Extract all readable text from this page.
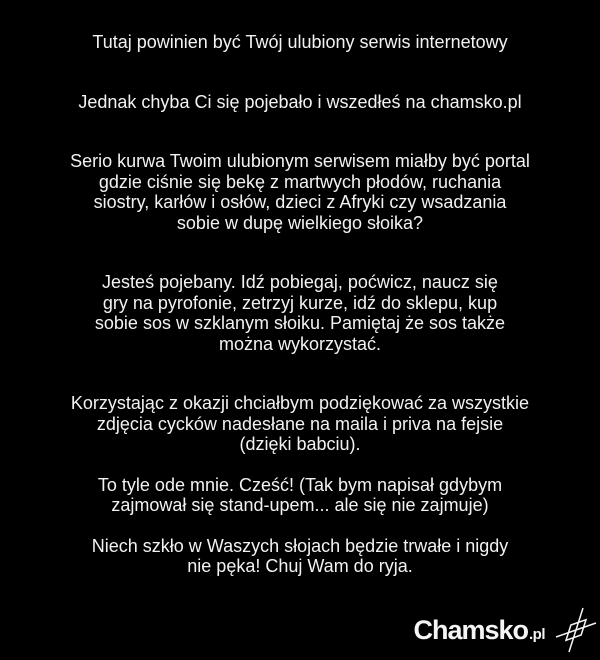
Tutaj powinien być Twój ulubiony serwis internetowy
Jednak chyba Ci się pojebało i wszedłeś na chamsko.pl
Serio kurwa Twoim ulubionym serwisem miałby być portal
gdzie ciśnie się bekę z martwych płodów, ruchania
siostry, karłów i osłów, dzieci z Afryki czy wsadzania
sobie w dupę wielkiego słoika?
Jesteś pojebany. Idź pobiegaj, poćwicz, naucz się
gry na pyrofonie, zetrzyj kurze, idź do sklepu, kup
sobie sos w szklanym słoiku. Pamiętaj że sos także
można wykorzystać.
Korzystając z okazji chciałbym podziękować za wszystkie
zdjęcia cycków nadesłane na maila i priva na fejsie
(dzięki babciu).
To tyle ode mnie. Cześć! (Tak bym napisał gdybym
zajmował się stand-upem... ale się nie zajmuje)
Niech szkło w Waszych słojach będzie trwałe i nigdy
nie pęka! Chuj Wam do ryja.
Chamsko .pl
